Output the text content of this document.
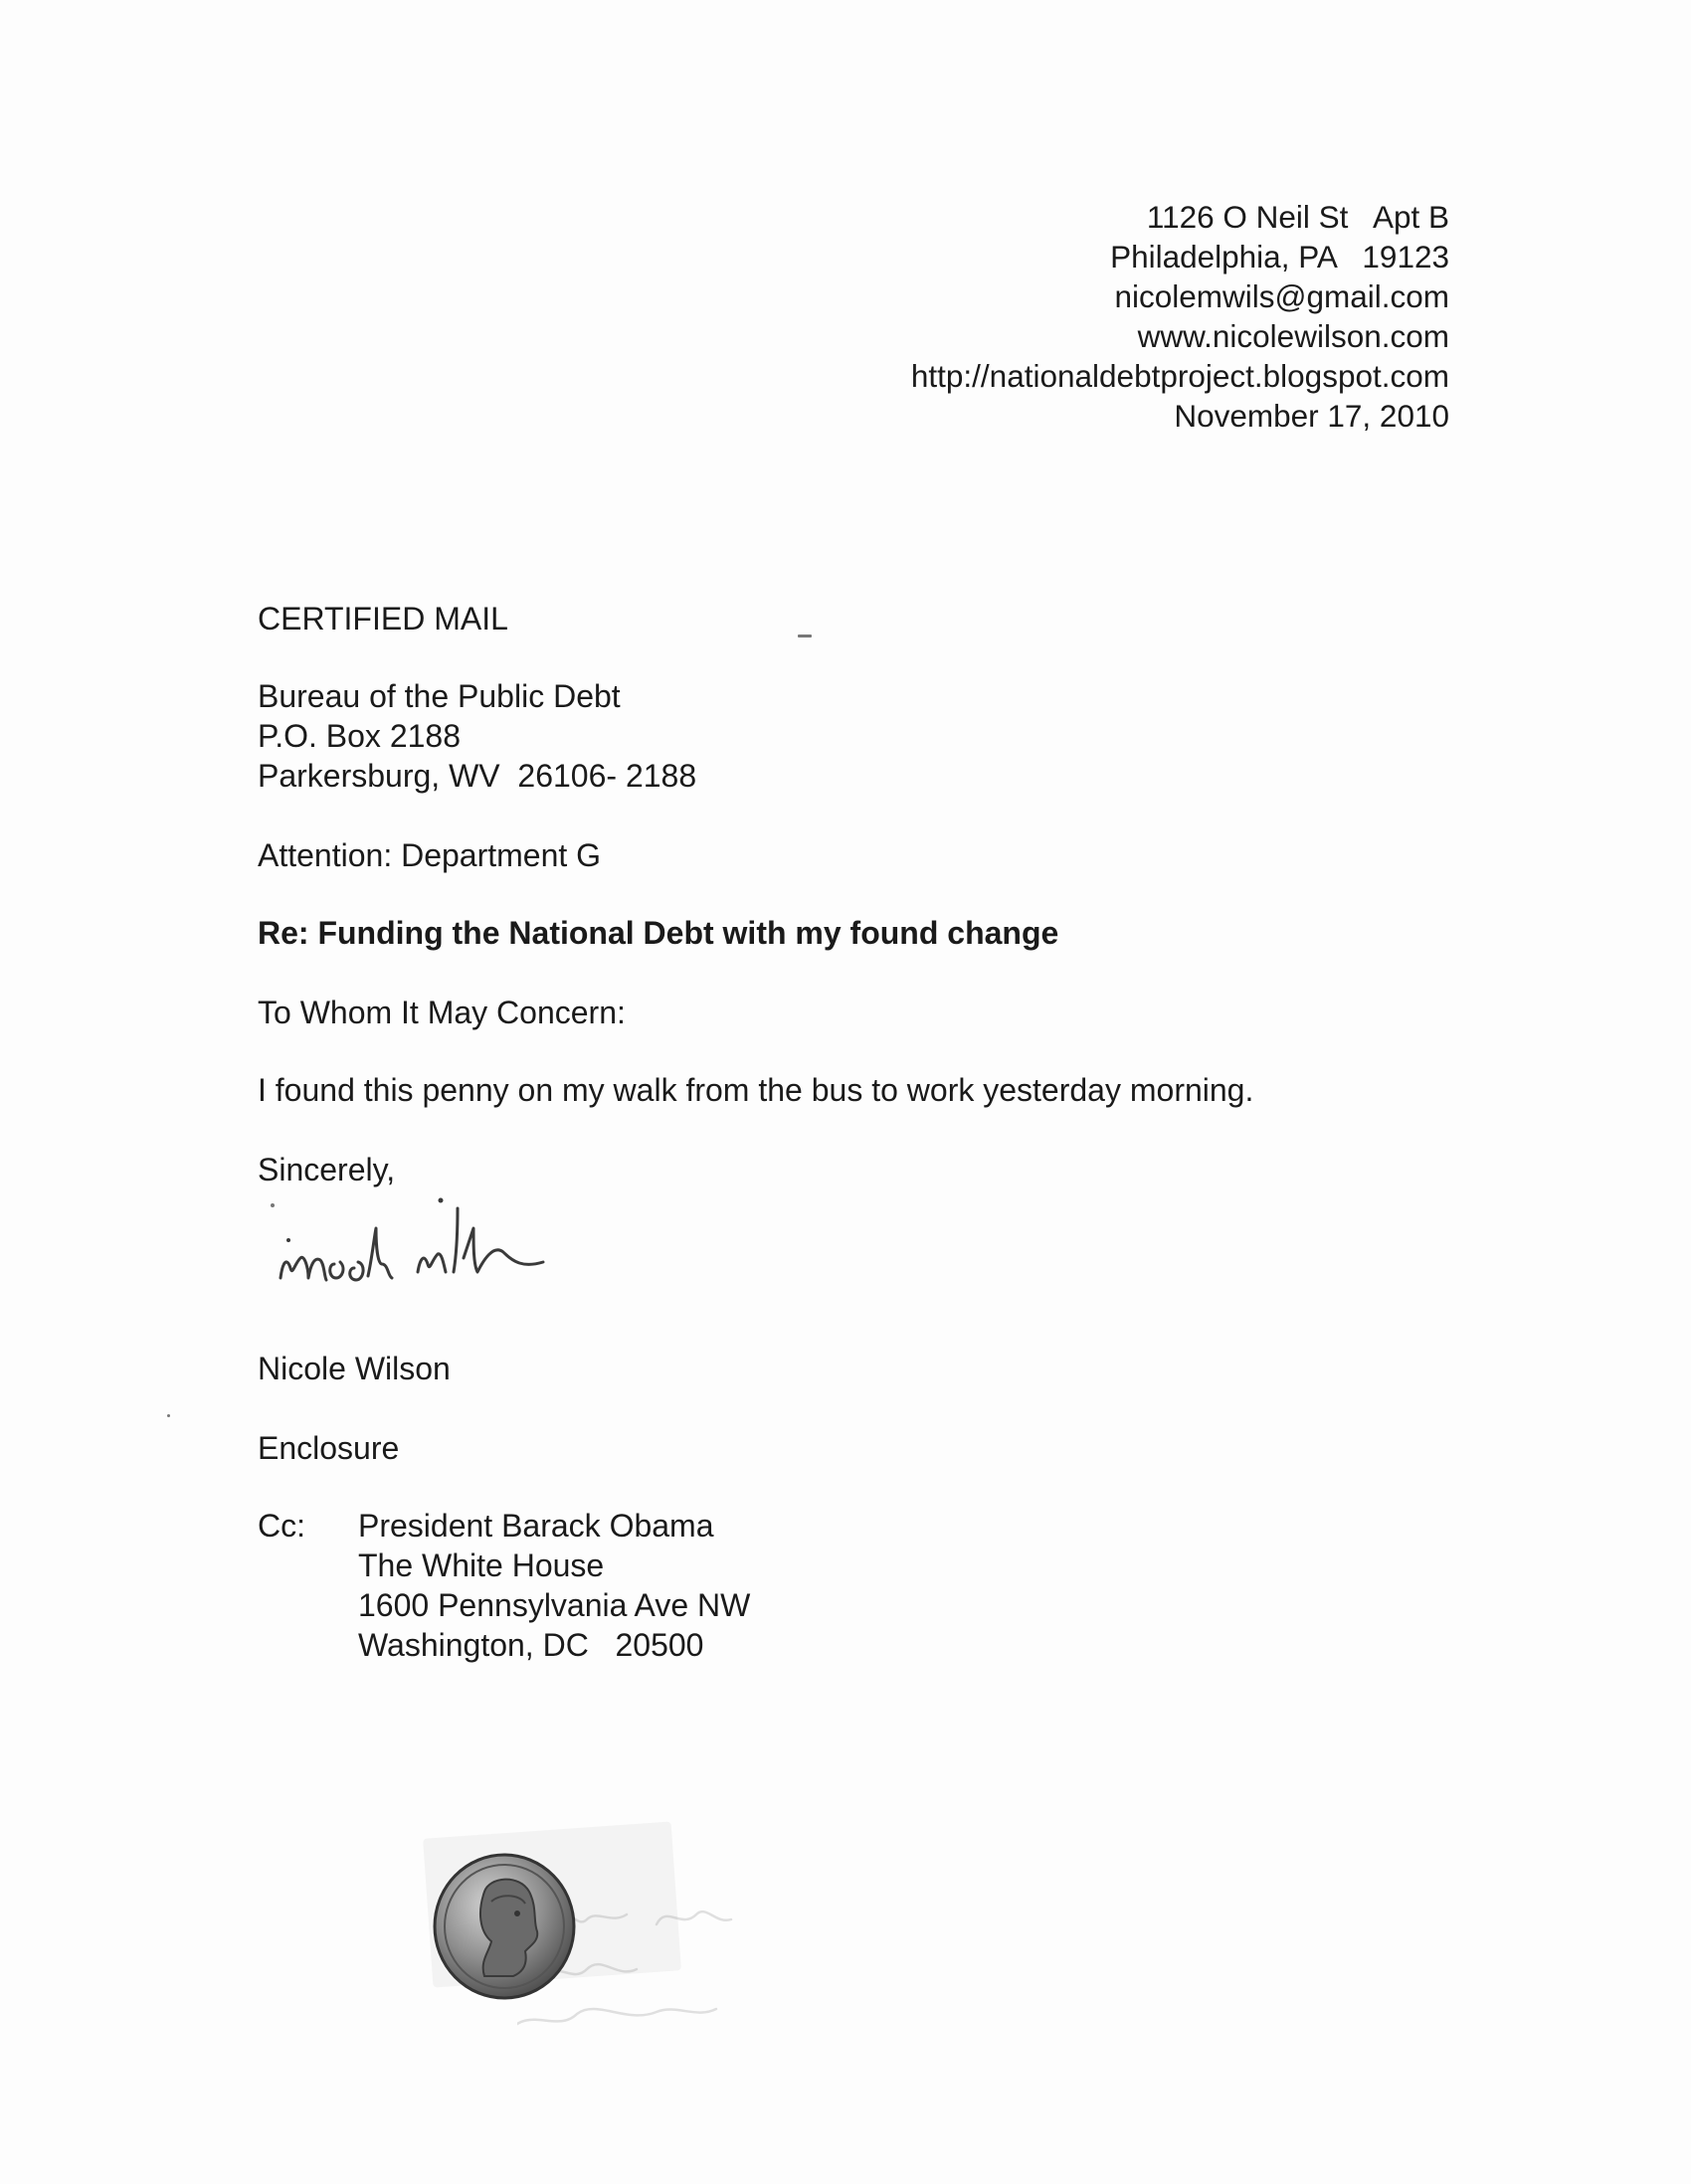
1126 O Neil St   Apt B
Philadelphia, PA   19123
nicolemwils@gmail.com
www.nicolewilson.com
http://nationaldebtproject.blogspot.com
November 17, 2010
CERTIFIED MAIL
Bureau of the Public Debt
P.O. Box 2188
Parkersburg, WV  26106- 2188
Attention: Department G
Re: Funding the National Debt with my found change
To Whom It May Concern:
I found this penny on my walk from the bus to work yesterday morning.
Sincerely,
Nicole Wilson
Enclosure
Cc:	President Barack Obama
The White House
1600 Pennsylvania Ave NW
Washington, DC   20500
